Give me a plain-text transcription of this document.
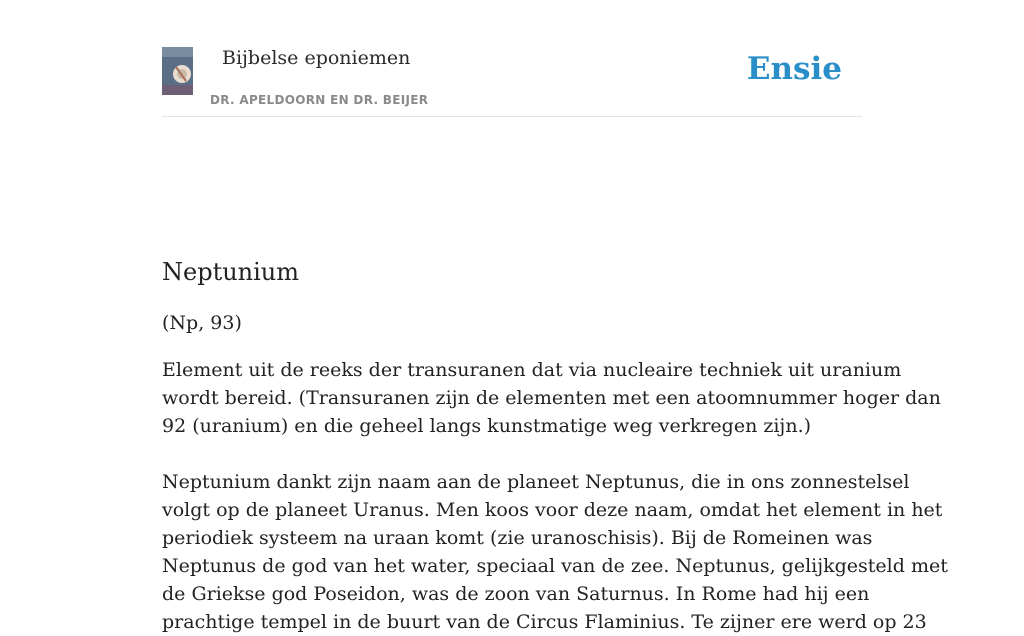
Bijbelse eponiemen
DR. APELDOORN EN DR. BEIJER
Ensie
Neptunium
(Np, 93)
Element uit de reeks der transuranen dat via nucleaire techniek uit uranium
wordt bereid. (Transuranen zijn de elementen met een atoomnummer hoger dan
92 (uranium) en die geheel langs kunstmatige weg verkregen zijn.)
Neptunium dankt zijn naam aan de planeet Neptunus, die in ons zonnestelsel
volgt op de planeet Uranus. Men koos voor deze naam, omdat het element in het
periodiek systeem na uraan komt (zie uranoschisis). Bij de Romeinen was
Neptunus de god van het water, speciaal van de zee. Neptunus, gelijkgesteld met
de Griekse god Poseidon, was de zoon van Saturnus. In Rome had hij een
prachtige tempel in de buurt van de Circus Flaminius. Te zijner ere werd op 23
